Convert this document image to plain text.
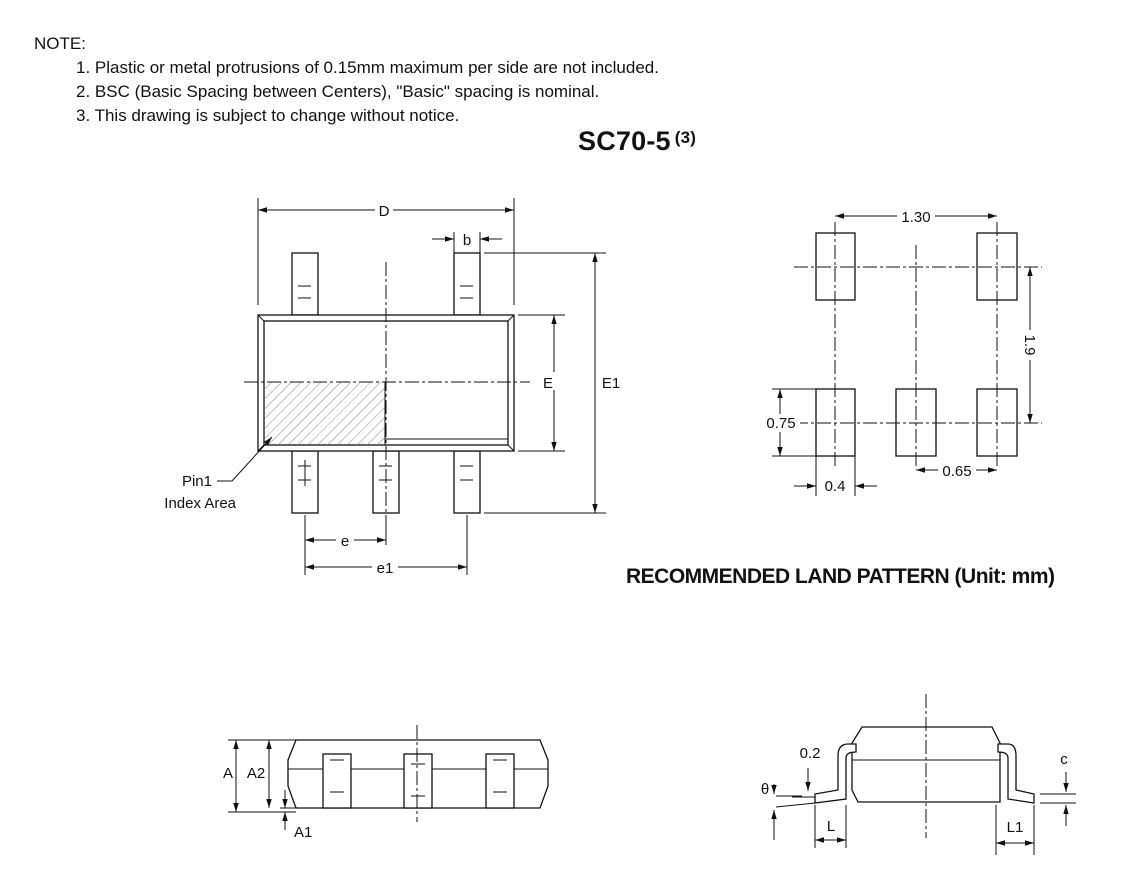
NOTE:
1. Plastic or metal protrusions of 0.15mm maximum per side are not included.
2. BSC (Basic Spacing between Centers), "Basic" spacing is nominal.
3. This drawing is subject to change without notice.
SC70-5 $^{(3)}$
RECOMMENDED LAND PATTERN (Unit: mm)
D
b
E	E1
e
e1
Pin1
Index Area
1.30
1.9
0.75
0.4
0.65
A A2
A1
0.2
θ
L	L1
c
